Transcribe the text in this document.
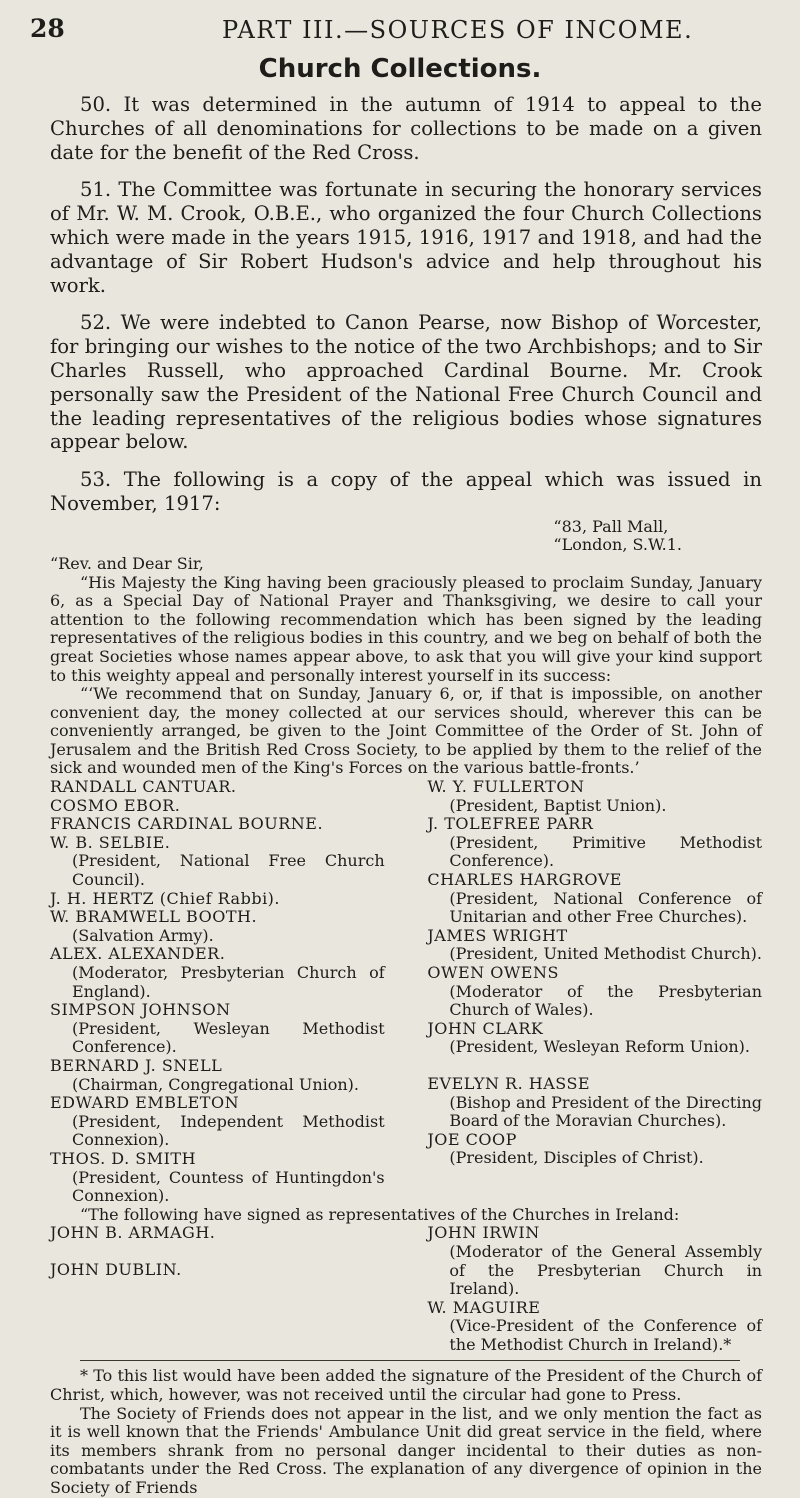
28	PART III.—SOURCES OF INCOME.
Church Collections.

50. It was determined in the autumn of 1914 to appeal to the Churches of all denominations for collections to be made on a given date for the benefit of the Red Cross.

51. The Committee was fortunate in securing the honorary services of Mr. W. M. Crook, O.B.E., who organized the four Church Collections which were made in the years 1915, 1916, 1917 and 1918, and had the advantage of Sir Robert Hudson's advice and help throughout his work.

52. We were indebted to Canon Pearse, now Bishop of Worcester, for bringing our wishes to the notice of the two Archbishops; and to Sir Charles Russell, who approached Cardinal Bourne. Mr. Crook personally saw the President of the National Free Church Council and the leading representatives of the religious bodies whose signatures appear below.

53. The following is a copy of the appeal which was issued in November, 1917:

“83, Pall Mall,
“London, S.W.1.

“Rev. and Dear Sir,

“His Majesty the King having been graciously pleased to proclaim Sunday, January 6, as a Special Day of National Prayer and Thanksgiving, we desire to call your attention to the following recommendation which has been signed by the leading representatives of the religious bodies in this country, and we beg on behalf of both the great Societies whose names appear above, to ask that you will give your kind support to this weighty appeal and personally interest yourself in its success:

“‘We recommend that on Sunday, January 6, or, if that is impossible, on another convenient day, the money collected at our services should, wherever this can be conveniently arranged, be given to the Joint Committee of the Order of St. John of Jerusalem and the British Red Cross Society, to be applied by them to the relief of the sick and wounded men of the King's Forces on the various battle-fronts.’

RANDALL CANTUAR.
COSMO EBOR.
FRANCIS CARDINAL BOURNE.
W. B. SELBIE.
(President, National Free Church Council).
J. H. HERTZ (Chief Rabbi).
W. BRAMWELL BOOTH.
(Salvation Army).
ALEX. ALEXANDER.
(Moderator, Presbyterian Church of England).
SIMPSON JOHNSON
(President, Wesleyan Methodist Conference).
BERNARD J. SNELL
(Chairman, Congregational Union).
EDWARD EMBLETON
(President, Independent Methodist Connexion).
THOS. D. SMITH
(President, Countess of Huntingdon's Connexion).
W. Y. FULLERTON
(President, Baptist Union).
J. TOLEFREE PARR
(President, Primitive Methodist Conference).
CHARLES HARGROVE
(President, National Conference of Unitarian and other Free Churches).
JAMES WRIGHT
(President, United Methodist Church).
OWEN OWENS
(Moderator of the Presbyterian Church of Wales).
JOHN CLARK
(President, Wesleyan Reform Union).
EVELYN R. HASSE
(Bishop and President of the Directing Board of the Moravian Churches).
JOE COOP
(President, Disciples of Christ).

“The following have signed as representatives of the Churches in Ireland:

JOHN B. ARMAGH.
JOHN DUBLIN.
JOHN IRWIN
(Moderator of the General Assembly of the Presbyterian Church in Ireland).
W. MAGUIRE
(Vice-President of the Conference of the Methodist Church in Ireland).*

* To this list would have been added the signature of the President of the Church of Christ, which, however, was not received until the circular had gone to Press.

The Society of Friends does not appear in the list, and we only mention the fact as it is well known that the Friends' Ambulance Unit did great service in the field, where its members shrank from no personal danger incidental to their duties as non-combatants under the Red Cross. The explanation of any divergence of opinion in the Society of Friends
